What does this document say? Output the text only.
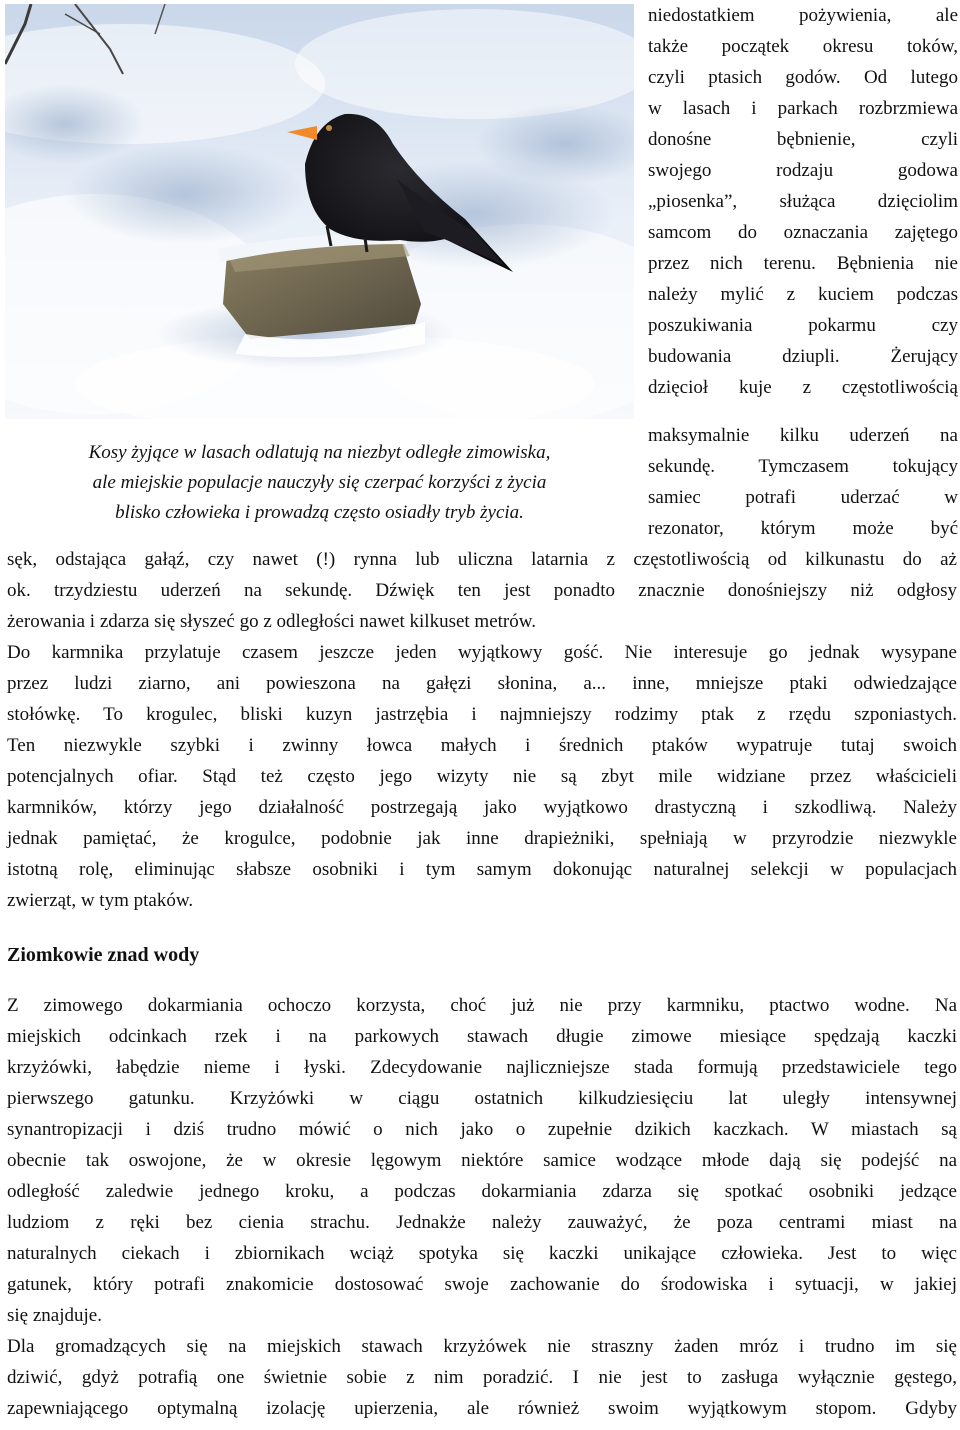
Kosy żyjące w lasach odlatują na niezbyt odległe zimowiska,
ale miejskie populacje nauczyły się czerpać korzyści z życia
blisko człowieka i prowadzą często osiadły tryb życia.

niedostatkiem pożywienia, ale
także początek okresu toków,
czyli ptasich godów. Od lutego
w lasach i parkach rozbrzmiewa
donośne bębnienie, czyli
swojego rodzaju godowa
„piosenka”, służąca dzięciolim
samcom do oznaczania zajętego
przez nich terenu. Bębnienia nie
należy mylić z kuciem podczas
poszukiwania pokarmu czy
budowania dziupli. Żerujący
dzięcioł kuje z częstotliwością
maksymalnie kilku uderzeń na
sekundę. Tymczasem tokujący
samiec potrafi uderzać w
rezonator, którym może być
sęk, odstająca gałąź, czy nawet (!) rynna lub uliczna latarnia z częstotliwością od kilkunastu do aż
ok. trzydziestu uderzeń na sekundę. Dźwięk ten jest ponadto znacznie donośniejszy niż odgłosy
żerowania i zdarza się słyszeć go z odległości nawet kilkuset metrów.
Do karmnika przylatuje czasem jeszcze jeden wyjątkowy gość. Nie interesuje go jednak wysypane
przez ludzi ziarno, ani powieszona na gałęzi słonina, a... inne, mniejsze ptaki odwiedzające
stołówkę. To krogulec, bliski kuzyn jastrzębia i najmniejszy rodzimy ptak z rzędu szponiastych.
Ten niezwykle szybki i zwinny łowca małych i średnich ptaków wypatruje tutaj swoich
potencjalnych ofiar. Stąd też często jego wizyty nie są zbyt mile widziane przez właścicieli
karmników, którzy jego działalność postrzegają jako wyjątkowo drastyczną i szkodliwą. Należy
jednak pamiętać, że krogulce, podobnie jak inne drapieżniki, spełniają w przyrodzie niezwykle
istotną rolę, eliminując słabsze osobniki i tym samym dokonując naturalnej selekcji w populacjach
zwierząt, w tym ptaków.
Ziomkowie znad wody
Z zimowego dokarmiania ochoczo korzysta, choć już nie przy karmniku, ptactwo wodne. Na
miejskich odcinkach rzek i na parkowych stawach długie zimowe miesiące spędzają kaczki
krzyżówki, łabędzie nieme i łyski. Zdecydowanie najliczniejsze stada formują przedstawiciele tego
pierwszego gatunku. Krzyżówki w ciągu ostatnich kilkudziesięciu lat uległy intensywnej
synantropizacji i dziś trudno mówić o nich jako o zupełnie dzikich kaczkach. W miastach są
obecnie tak oswojone, że w okresie lęgowym niektóre samice wodzące młode dają się podejść na
odległość zaledwie jednego kroku, a podczas dokarmiania zdarza się spotkać osobniki jedzące
ludziom z ręki bez cienia strachu. Jednakże należy zauważyć, że poza centrami miast na
naturalnych ciekach i zbiornikach wciąż spotyka się kaczki unikające człowieka. Jest to więc
gatunek, który potrafi znakomicie dostosować swoje zachowanie do środowiska i sytuacji, w jakiej
się znajduje.
Dla gromadzących się na miejskich stawach krzyżówek nie straszny żaden mróz i trudno im się
dziwić, gdyż potrafią one świetnie sobie z nim poradzić. I nie jest to zasługa wyłącznie gęstego,
zapewniającego optymalną izolację upierzenia, ale również swoim wyjątkowym stopom. Gdyby
